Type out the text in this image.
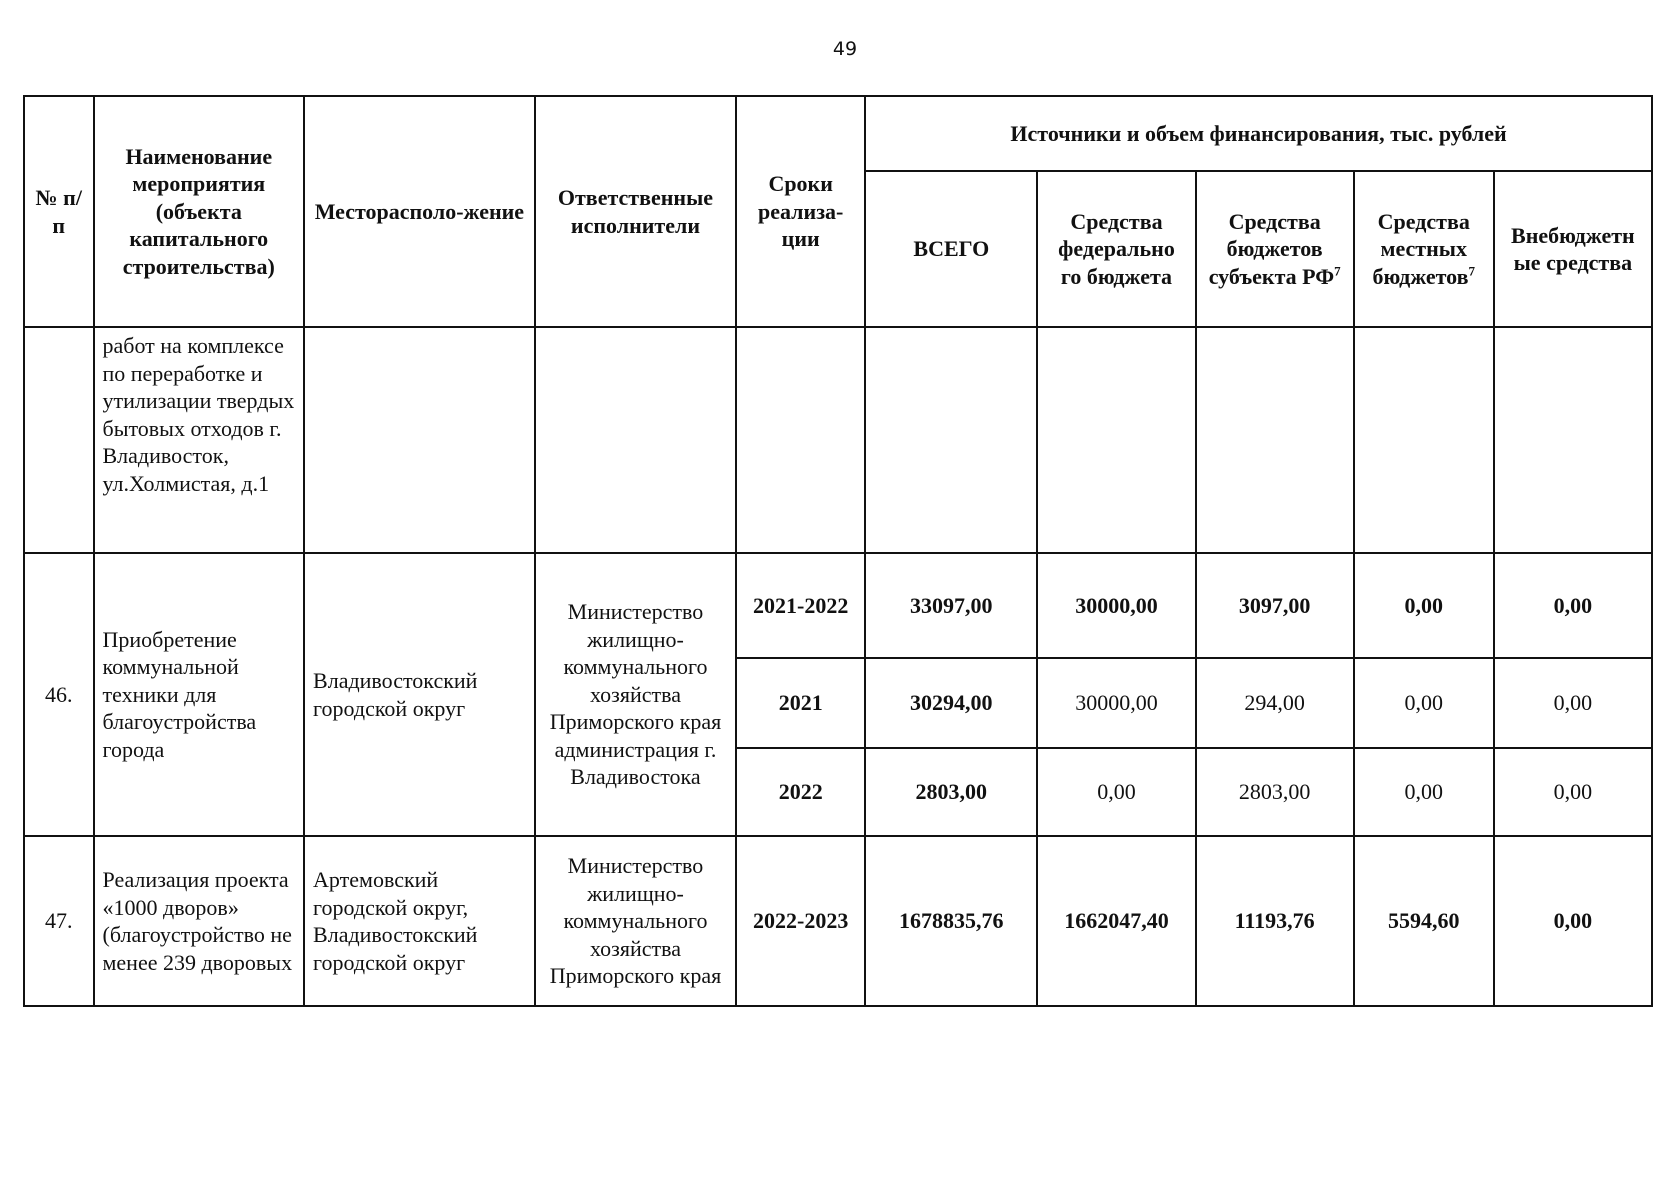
49
№ п/п	Наименование мероприятия (объекта капитального строительства)	Месторасполо-жение	Ответственные исполнители	Сроки реализа-ции	Источники и объем финансирования, тыс. рублей				
					ВСЕГО	Средства федерально го бюджета	Средства бюджетов субъекта $РФ^7$	Средства местных бюджетов$^7$	Внебюджетн ые средства
	работ на комплексе по переработке и утилизации твердых бытовых отходов г. Владивосток, ул.Холмистая, д.1								
46.	Приобретение коммунальной техники для благоустройства города	Владивостокский городской округ	Министерство жилищно-коммунального хозяйства Приморского края администрация г. Владивостока	2021-2022	33097,00	30000,00	3097,00	0,00	0,00
				2021	30294,00	30000,00	294,00	0,00	0,00
				2022	2803,00	0,00	2803,00	0,00	0,00
47.	Реализация проекта «1000 дворов» (благоустройство не менее 239 дворовых	Артемовский городской округ, Владивостокский городской округ	Министерство жилищно-коммунального хозяйства Приморского края	2022-2023	1678835,76	1662047,40	11193,76	5594,60	0,00
